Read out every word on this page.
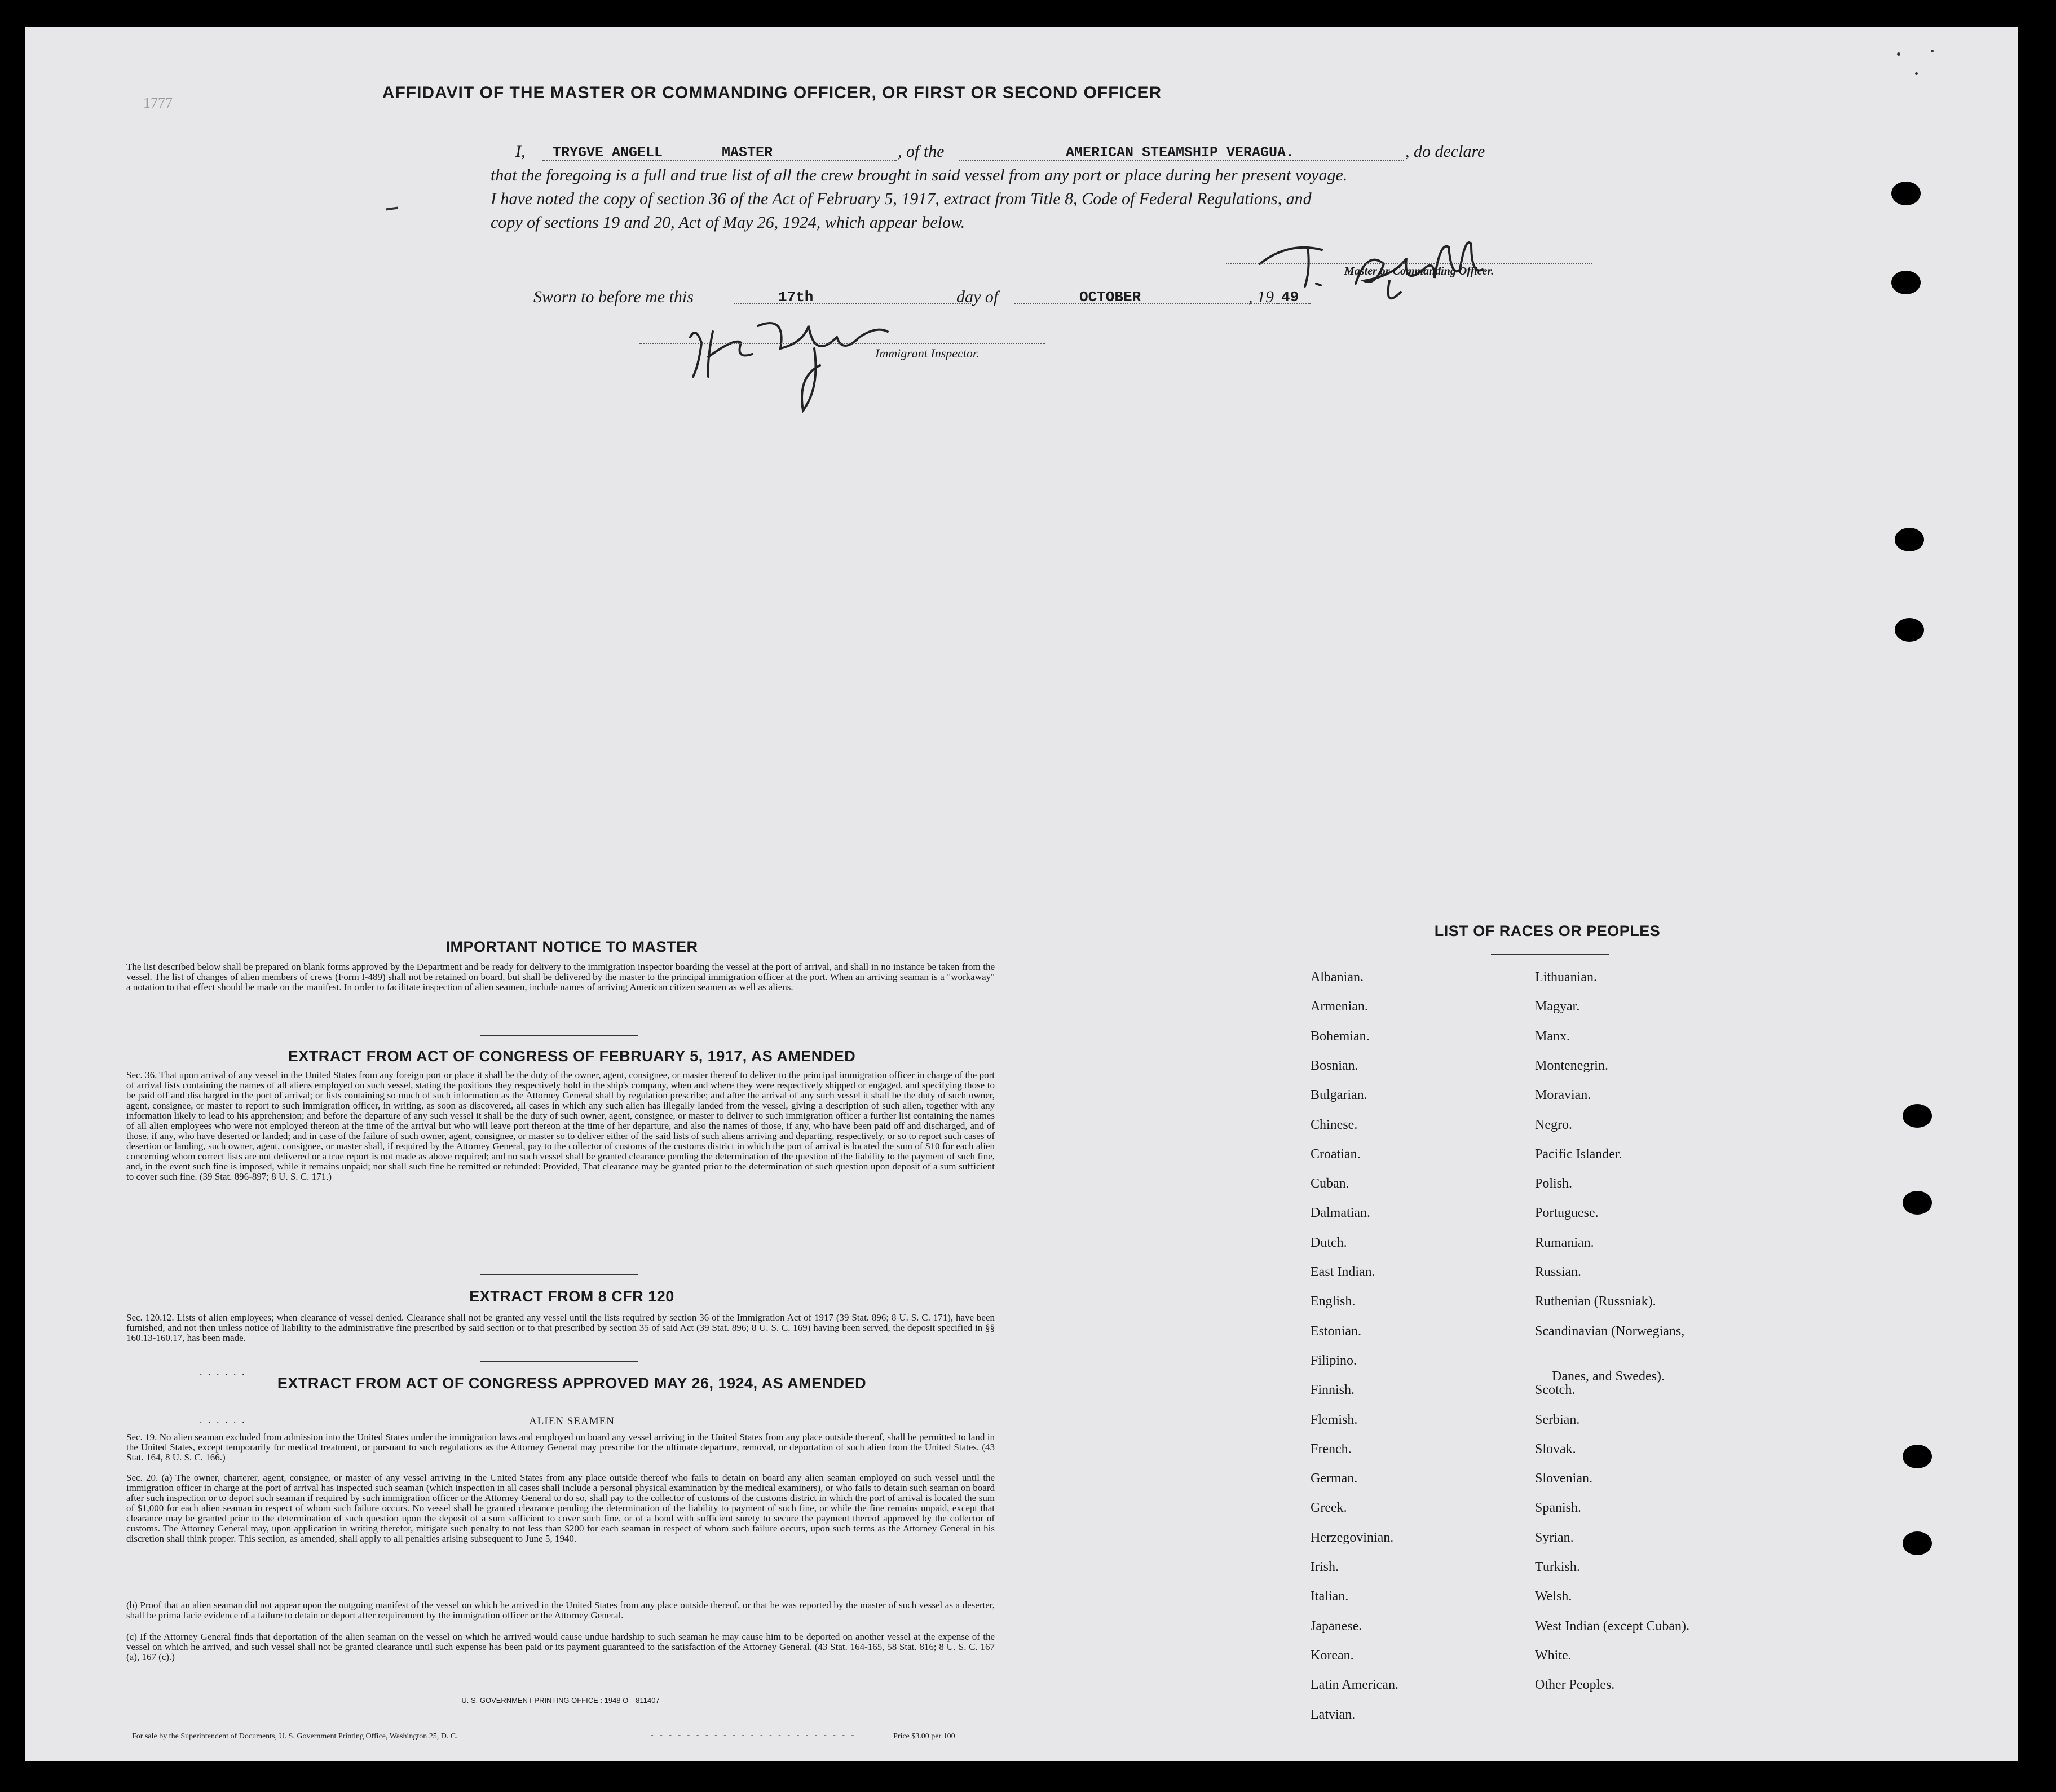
1777
AFFIDAVIT OF THE MASTER OR COMMANDING OFFICER, OR FIRST OR SECOND OFFICER
I, TRYGVE ANGELL	MASTER	, of the	AMERICAN STEAMSHIP VERAGUA.	, do declare
that the foregoing is a full and true list of all the crew brought in said vessel from any port or place during her present voyage.
I have noted the copy of section 36 of the Act of February 5, 1917, extract from Title 8, Code of Federal Regulations, and
copy of sections 19 and 20, Act of May 26, 1924, which appear below.
Master or Commanding Officer.
Sworn to before me this	17th	day of	OCTOBER	, 19 49
Immigrant Inspector.
IMPORTANT NOTICE TO MASTER
The list described below shall be prepared on blank forms approved by the Department and be ready for delivery to the immigration inspector boarding the vessel at the port of arrival, and shall in no instance be taken from the vessel. The list of changes of alien members of crews (Form I-489) shall not be retained on board, but shall be delivered by the master to the principal immigration officer at the port. When an arriving seaman is a "workaway" a notation to that effect should be made on the manifest. In order to facilitate inspection of alien seamen, include names of arriving American citizen seamen as well as aliens.
EXTRACT FROM ACT OF CONGRESS OF FEBRUARY 5, 1917, AS AMENDED
Sec. 36. That upon arrival of any vessel in the United States from any foreign port or place it shall be the duty of the owner, agent, consignee, or master thereof to deliver to the principal immigration officer in charge of the port of arrival lists containing the names of all aliens employed on such vessel, stating the positions they respectively hold in the ship's company, when and where they were respectively shipped or engaged, and specifying those to be paid off and discharged in the port of arrival; or lists containing so much of such information as the Attorney General shall by regulation prescribe; and after the arrival of any such vessel it shall be the duty of such owner, agent, consignee, or master to report to such immigration officer, in writing, as soon as discovered, all cases in which any such alien has illegally landed from the vessel, giving a description of such alien, together with any information likely to lead to his apprehension; and before the departure of any such vessel it shall be the duty of such owner, agent, consignee, or master to deliver to such immigration officer a further list containing the names of all alien employees who were not employed thereon at the time of the arrival but who will leave port thereon at the time of her departure, and also the names of those, if any, who have been paid off and discharged, and of those, if any, who have deserted or landed; and in case of the failure of such owner, agent, consignee, or master so to deliver either of the said lists of such aliens arriving and departing, respectively, or so to report such cases of desertion or landing, such owner, agent, consignee, or master shall, if required by the Attorney General, pay to the collector of customs of the customs district in which the port of arrival is located the sum of $10 for each alien concerning whom correct lists are not delivered or a true report is not made as above required; and no such vessel shall be granted clearance pending the determination of the question of the liability to the payment of such fine, and, in the event such fine is imposed, while it remains unpaid; nor shall such fine be remitted or refunded: Provided, That clearance may be granted prior to the determination of such question upon deposit of a sum sufficient to cover such fine. (39 Stat. 896-897; 8 U. S. C. 171.)
EXTRACT FROM 8 CFR 120
Sec. 120.12. Lists of alien employees; when clearance of vessel denied. Clearance shall not be granted any vessel until the lists required by section 36 of the Immigration Act of 1917 (39 Stat. 896; 8 U. S. C. 171), have been furnished, and not then unless notice of liability to the administrative fine prescribed by said section or to that prescribed by section 35 of said Act (39 Stat. 896; 8 U. S. C. 169) having been served, the deposit specified in §§ 160.13-160.17, has been made.
. . . . . .
EXTRACT FROM ACT OF CONGRESS APPROVED MAY 26, 1924, AS AMENDED
. . . . . .	ALIEN SEAMEN
Sec. 19. No alien seaman excluded from admission into the United States under the immigration laws and employed on board any vessel arriving in the United States from any place outside thereof, shall be permitted to land in the United States, except temporarily for medical treatment, or pursuant to such regulations as the Attorney General may prescribe for the ultimate departure, removal, or deportation of such alien from the United States. (43 Stat. 164, 8 U. S. C. 166.)
Sec. 20. (a) The owner, charterer, agent, consignee, or master of any vessel arriving in the United States from any place outside thereof who fails to detain on board any alien seaman employed on such vessel until the immigration officer in charge at the port of arrival has inspected such seaman (which inspection in all cases shall include a personal physical examination by the medical examiners), or who fails to detain such seaman on board after such inspection or to deport such seaman if required by such immigration officer or the Attorney General to do so, shall pay to the collector of customs of the customs district in which the port of arrival is located the sum of $1,000 for each alien seaman in respect of whom such failure occurs. No vessel shall be granted clearance pending the determination of the liability to payment of such fine, or while the fine remains unpaid, except that clearance may be granted prior to the determination of such question upon the deposit of a sum sufficient to cover such fine, or of a bond with sufficient surety to secure the payment thereof approved by the collector of customs. The Attorney General may, upon application in writing therefor, mitigate such penalty to not less than $200 for each seaman in respect of whom such failure occurs, upon such terms as the Attorney General in his discretion shall think proper. This section, as amended, shall apply to all penalties arising subsequent to June 5, 1940.
(b) Proof that an alien seaman did not appear upon the outgoing manifest of the vessel on which he arrived in the United States from any place outside thereof, or that he was reported by the master of such vessel as a deserter, shall be prima facie evidence of a failure to detain or deport after requirement by the immigration officer or the Attorney General.
(c) If the Attorney General finds that deportation of the alien seaman on the vessel on which he arrived would cause undue hardship to such seaman he may cause him to be deported on another vessel at the expense of the vessel on which he arrived, and such vessel shall not be granted clearance until such expense has been paid or its payment guaranteed to the satisfaction of the Attorney General. (43 Stat. 164-165, 58 Stat. 816; 8 U. S. C. 167 (a), 167 (c).)
U. S. GOVERNMENT PRINTING OFFICE : 1948 O—811407
For sale by the Superintendent of Documents, U. S. Government Printing Office, Washington 25, D. C.	- - - - - - - - - - - - - - - - - - - - - - -	Price $3.00 per 100
LIST OF RACES OR PEOPLES
Albanian.
Armenian.
Bohemian.
Bosnian.
Bulgarian.
Chinese.
Croatian.
Cuban.
Dalmatian.
Dutch.
East Indian.
English.
Estonian.
Filipino.
Finnish.
Flemish.
French.
German.
Greek.
Herzegovinian.
Irish.
Italian.
Japanese.
Korean.
Latin American.
Latvian.
Lithuanian.
Magyar.
Manx.
Montenegrin.
Moravian.
Negro.
Pacific Islander.
Polish.
Portuguese.
Rumanian.
Russian.
Ruthenian (Russniak).
Scandinavian (Norwegians,
Danes, and Swedes).
Scotch.
Serbian.
Slovak.
Slovenian.
Spanish.
Syrian.
Turkish.
Welsh.
West Indian (except Cuban).
White.
Other Peoples.
